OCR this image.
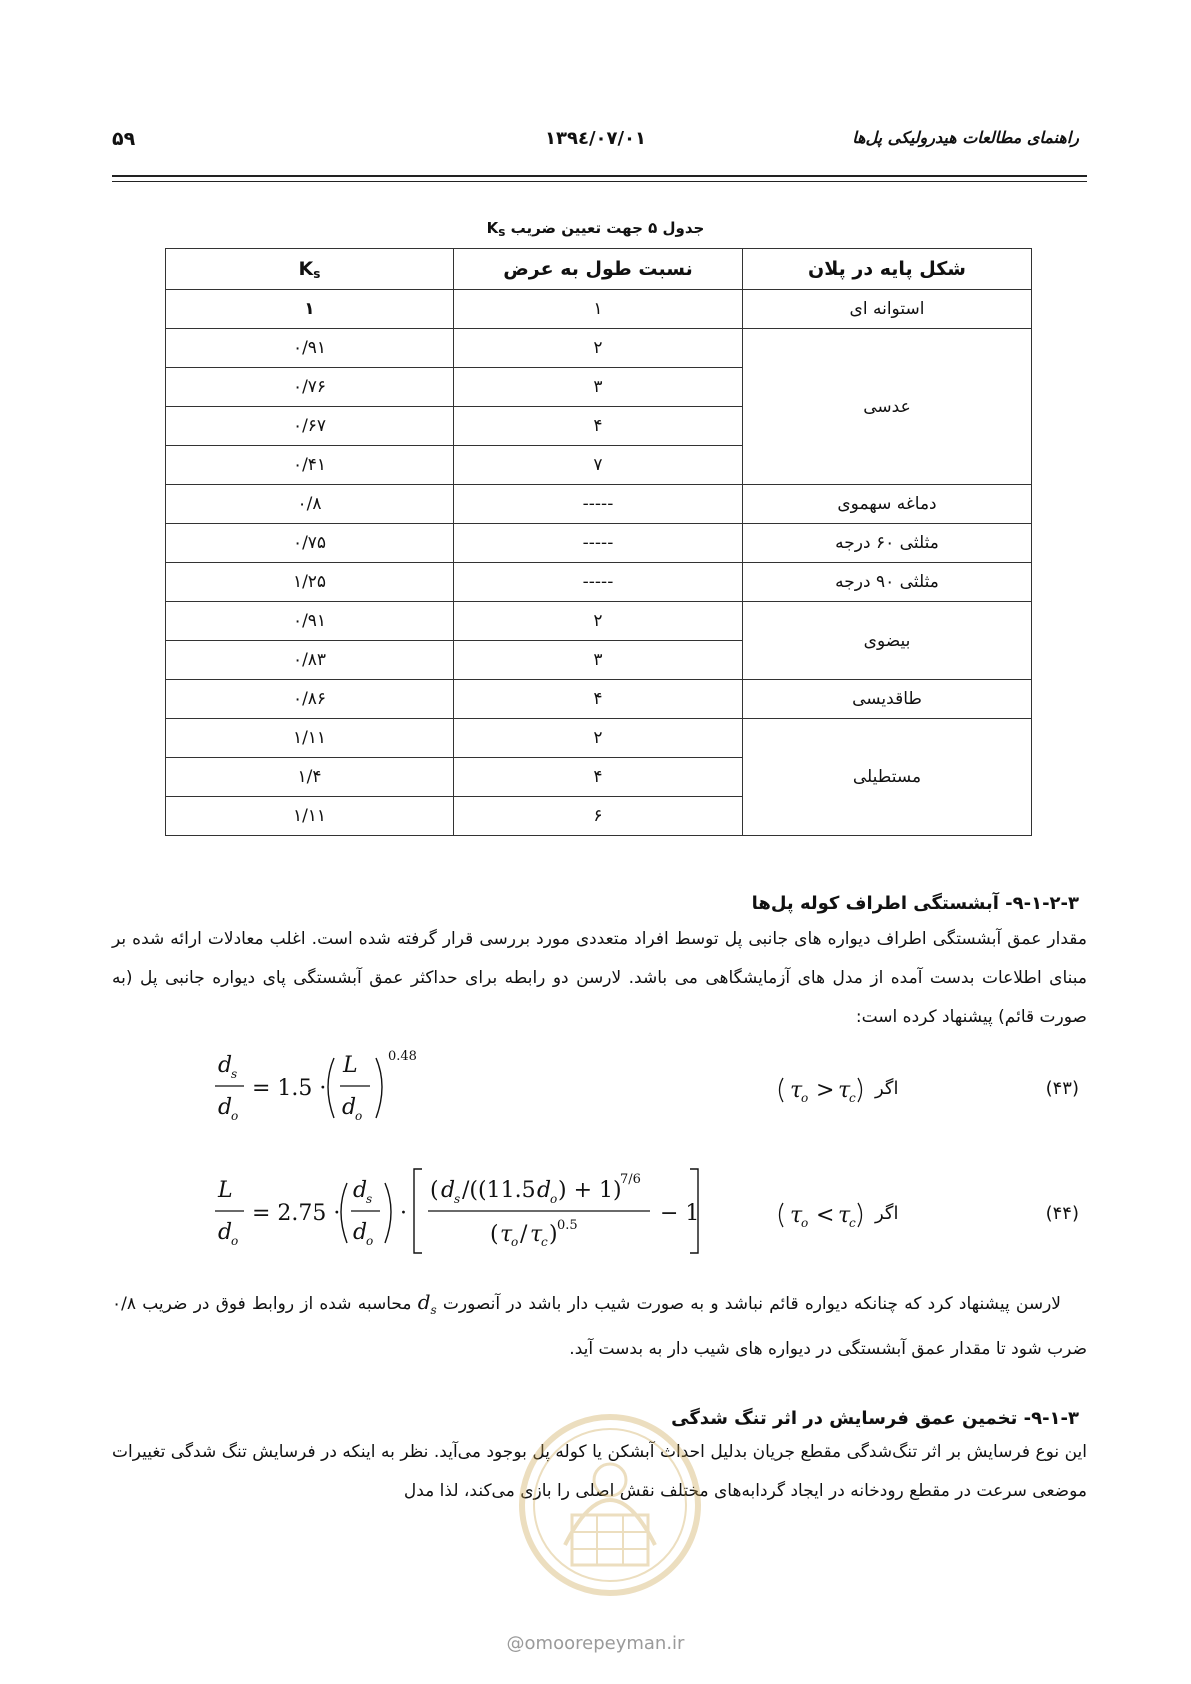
راهنمای مطالعات هیدرولیکی پل‌ها
۱۳۹٤/۰۷/۰۱
۵۹
جدول ۵ جهت تعیین ضریب $K_s$
شکل پایه در پلان	نسبت طول به عرض	Ks
استوانه ای	۱	۱
عدسی	۲	۰/۹۱
	۳	۰/۷۶
	۴	۰/۶۷
	۷	۰/۴۱
دماغه سهموی	-----	۰/۸
مثلثی ۶۰ درجه	-----	۰/۷۵
مثلثی ۹۰ درجه	-----	۱/۲۵
بیضوی	۲	۰/۹۱
	۳	۰/۸۳
طاقدیسی	۴	۰/۸۶
مستطیلی	۲	۱/۱۱
	۴	۱/۴
	۶	۱/۱۱
۹-۱-۲-۳- آبشستگی اطراف کوله پل‌ها
مقدار عمق آبشستگی اطراف دیواره های جانبی پل توسط افراد متعددی مورد بررسی قرار گرفته شده است. اغلب معادلات ارائه شده بر مبنای اطلاعات بدست آمده از مدل های آزمایشگاهی می باشد. لارسن دو رابطه برای حداکثر عمق آبشستگی پای دیواره جانبی پل (به صورت قائم) پیشنهاد کرده است:
d
s
d
o
= 1.5 ·
L
d
o
0.48
τ
o > τ
c اگر	(۴۳)
L
d
o
= 2.75 ·
d
s
d
o
·
( d
s /((11.5 d
o ) + 1)
7/6
( τ
o / τ
c ) 0.5	− 1	τ
o < τ
c اگر	(۴۴)
لارسن پیشنهاد کرد که چنانکه دیواره قائم نباشد و به صورت شیب دار باشد در آنصورت $d_s$ محاسبه شده از روابط فوق در ضریب ۰/۸ ضرب شود تا مقدار عمق آبشستگی در دیواره های شیب دار به بدست آید.
۹-۱-۳- تخمین عمق فرسایش در اثر تنگ شدگی
این نوع فرسایش بر اثر تنگ‌شدگی مقطع جریان بدلیل احداث آبشکن یا کوله پل بوجود می‌آید. نظر به اینکه در فرسایش تنگ شدگی تغییرات موضعی سرعت در مقطع رودخانه در ایجاد گردابه‌های مختلف نقش اصلی را بازی می‌کند، لذا مدل
@omoorepeyman.ir
